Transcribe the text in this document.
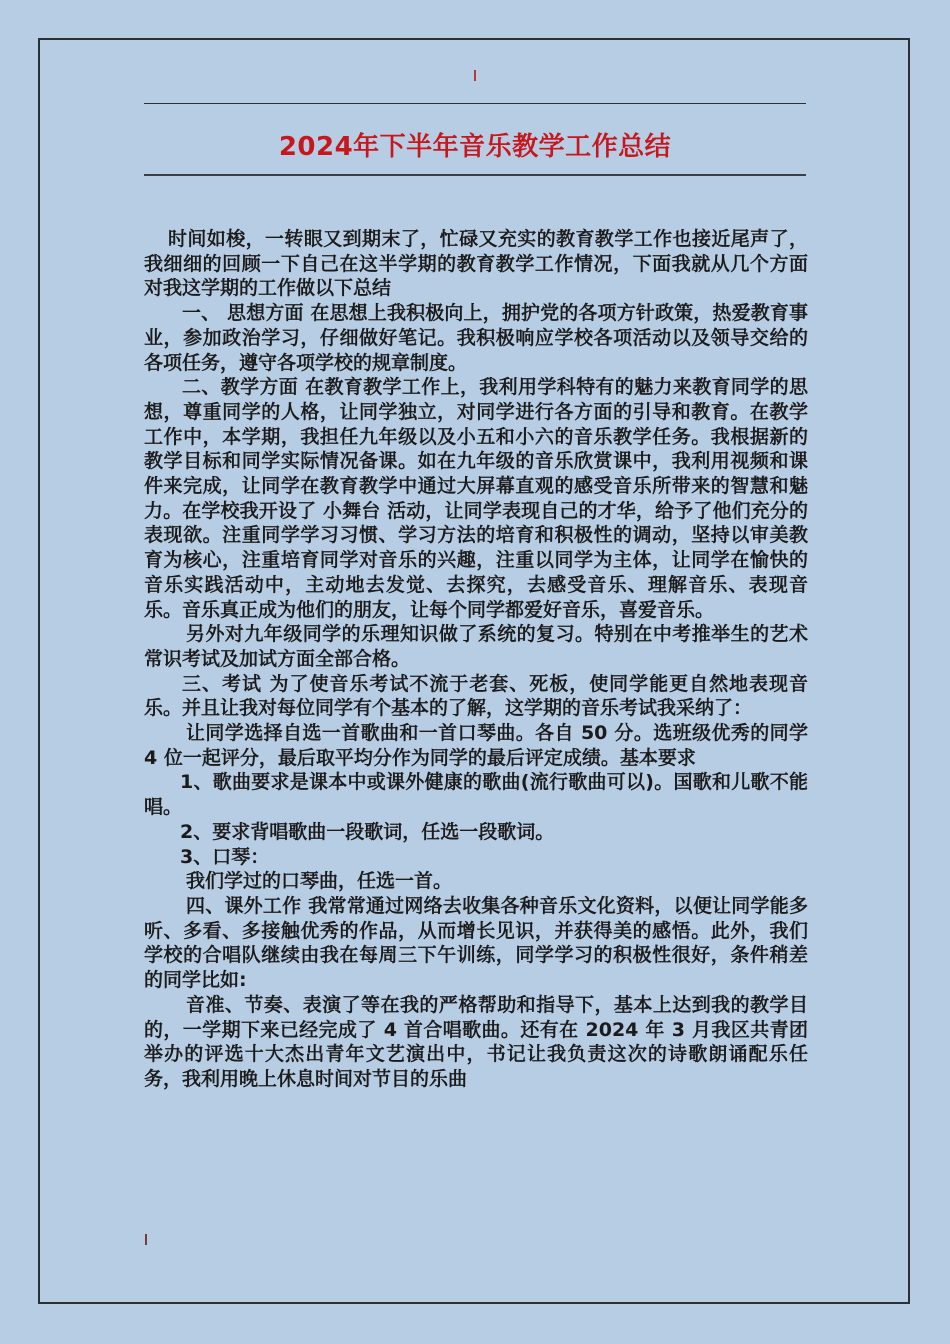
2024年下半年音乐教学工作总结

时间如梭，一转眼又到期末了，忙碌又充实的教育教学工作也接近尾声了，我细细的回顾一下自己在这半学期的教育教学工作情况，下面我就从几个方面对我这学期的工作做以下总结

一、 思想方面 在思想上我积极向上，拥护党的各项方针政策，热爱教育事业，参加政治学习，仔细做好笔记。我积极响应学校各项活动以及领导交给的各项任务，遵守各项学校的规章制度。

二、教学方面 在教育教学工作上，我利用学科特有的魅力来教育同学的思想，尊重同学的人格，让同学独立，对同学进行各方面的引导和教育。在教学工作中，本学期，我担任九年级以及小五和小六的音乐教学任务。我根据新的教学目标和同学实际情况备课。如在九年级的音乐欣赏课中，我利用视频和课件来完成，让同学在教育教学中通过大屏幕直观的感受音乐所带来的智慧和魅力。在学校我开设了 小舞台 活动，让同学表现自己的才华，给予了他们充分的表现欲。注重同学学习习惯、学习方法的培育和积极性的调动，坚持以审美教育为核心，注重培育同学对音乐的兴趣，注重以同学为主体，让同学在愉快的音乐实践活动中，主动地去发觉、去探究，去感受音乐、理解音乐、表现音乐。音乐真正成为他们的朋友，让每个同学都爱好音乐，喜爱音乐。

另外对九年级同学的乐理知识做了系统的复习。特别在中考推举生的艺术常识考试及加试方面全部合格。

三、考试 为了使音乐考试不流于老套、死板，使同学能更自然地表现音乐。并且让我对每位同学有个基本的了解，这学期的音乐考试我采纳了：

让同学选择自选一首歌曲和一首口琴曲。各自 50 分。选班级优秀的同学 4 位一起评分，最后取平均分作为同学的最后评定成绩。基本要求

1、歌曲要求是课本中或课外健康的歌曲(流行歌曲可以)。国歌和儿歌不能唱。

2、要求背唱歌曲一段歌词，任选一段歌词。

3、口琴：

我们学过的口琴曲，任选一首。

四、课外工作 我常常通过网络去收集各种音乐文化资料，以便让同学能多听、多看、多接触优秀的作品，从而增长见识，并获得美的感悟。此外，我们学校的合唱队继续由我在每周三下午训练，同学学习的积极性很好，条件稍差的同学比如:

音准、节奏、表演了等在我的严格帮助和指导下，基本上达到我的教学目的，一学期下来已经完成了 4 首合唱歌曲。还有在 2024 年 3 月我区共青团举办的评选十大杰出青年文艺演出中，书记让我负责这次的诗歌朗诵配乐任务，我利用晚上休息时间对节目的乐曲
